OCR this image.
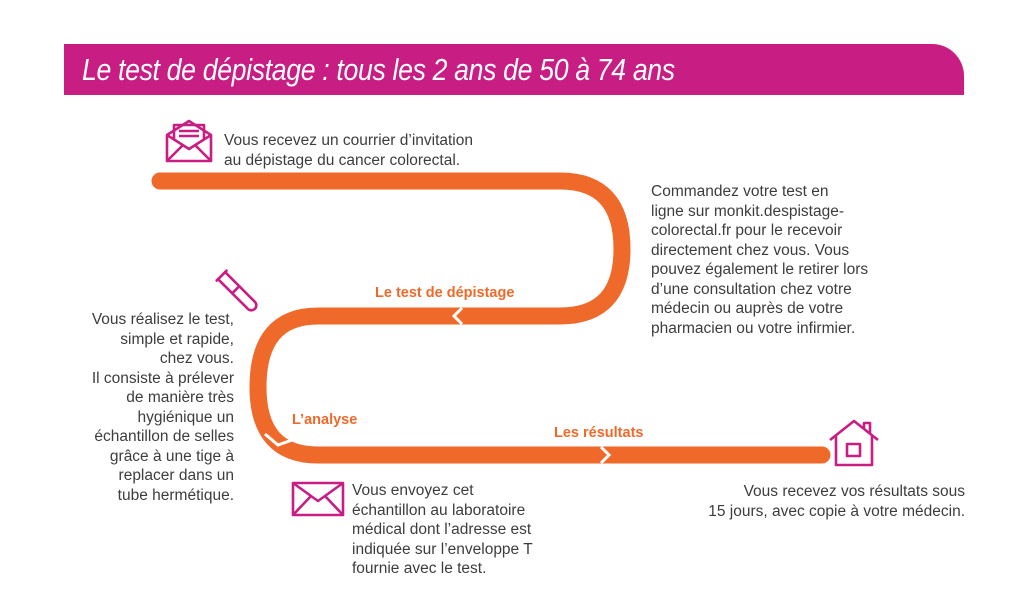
Le test de dépistage : tous les 2 ans de 50 à 74 ans
Le test de dépistage
L’analyse
Les résultats
Vous recevez un courrier d’invitation
au dépistage du cancer colorectal.
Commandez votre test en
ligne sur monkit.despistage-
colorectal.fr pour le recevoir
directement chez vous. Vous
pouvez également le retirer lors
d’une consultation chez votre
médecin ou auprès de votre
pharmacien ou votre infirmier.
Vous réalisez le test,
simple et rapide,
chez vous.
Il consiste à prélever
de manière très
hygiénique un
échantillon de selles
grâce à une tige à
replacer dans un
tube hermétique.	Vous envoyez cet
échantillon au laboratoire
médical dont l’adresse est
indiquée sur l’enveloppe T
fournie avec le test.
Vous recevez vos résultats sous
15 jours, avec copie à votre médecin.
